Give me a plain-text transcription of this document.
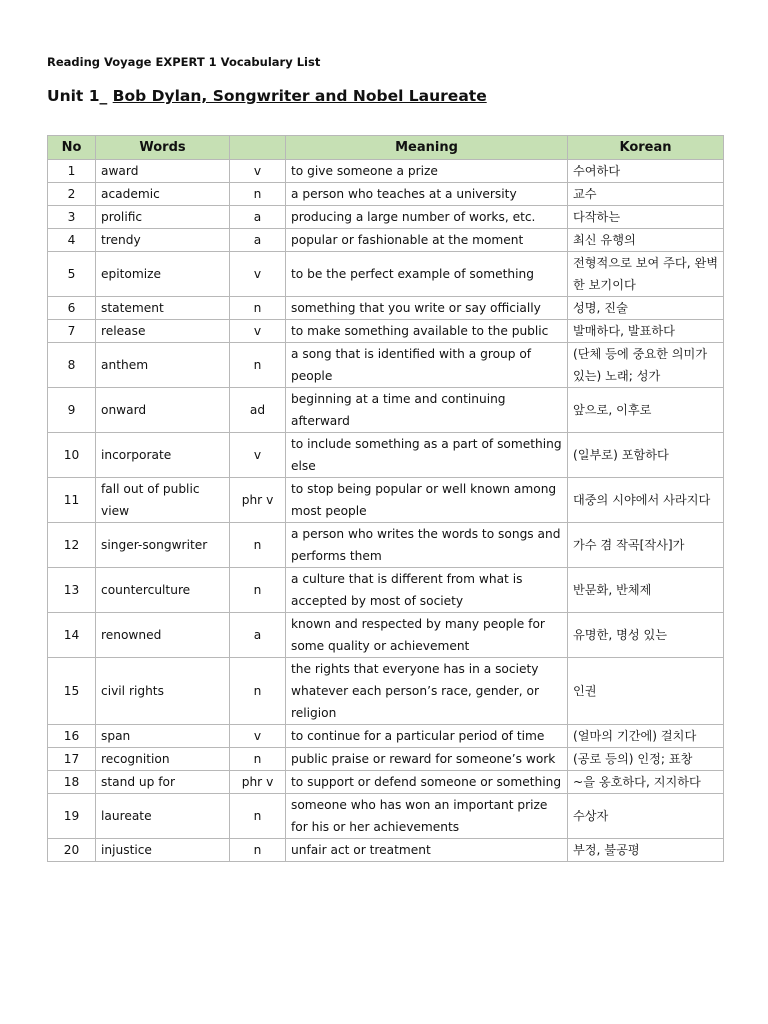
Reading Voyage EXPERT 1 Vocabulary List
Unit 1_ Bob Dylan, Songwriter and Nobel Laureate
No	Words		Meaning	Korean
1	award	v	to give someone a prize	수여하다
2	academic	n	a person who teaches at a university	교수
3	prolific	a	producing a large number of works, etc.	다작하는
4	trendy	a	popular or fashionable at the moment	최신 유행의
5	epitomize	v	to be the perfect example of something	전형적으로 보여 주다, 완벽한 보기이다
6	statement	n	something that you write or say officially	성명, 진술
7	release	v	to make something available to the public	발매하다, 발표하다
8	anthem	n	a song that is identified with a group of people	(단체 등에 중요한 의미가 있는) 노래; 성가
9	onward	ad	beginning at a time and continuing afterward	앞으로, 이후로
10	incorporate	v	to include something as a part of something else	(일부로) 포함하다
11	fall out of public view	phr v	to stop being popular or well known among most people	대중의 시야에서 사라지다
12	singer-songwriter	n	a person who writes the words to songs and performs them	가수 겸 작곡[작사]가
13	counterculture	n	a culture that is different from what is accepted by most of society	반문화, 반체제
14	renowned	a	known and respected by many people for some quality or achievement	유명한, 명성 있는
15	civil rights	n	the rights that everyone has in a society whatever each person’s race, gender, or religion	인권
16	span	v	to continue for a particular period of time	(얼마의 기간에) 걸치다
17	recognition	n	public praise or reward for someone’s work	(공로 등의) 인정; 표창
18	stand up for	phr v	to support or defend someone or something	~을 옹호하다, 지지하다
19	laureate	n	someone who has won an important prize for his or her achievements	수상자
20	injustice	n	unfair act or treatment	부정, 불공평
